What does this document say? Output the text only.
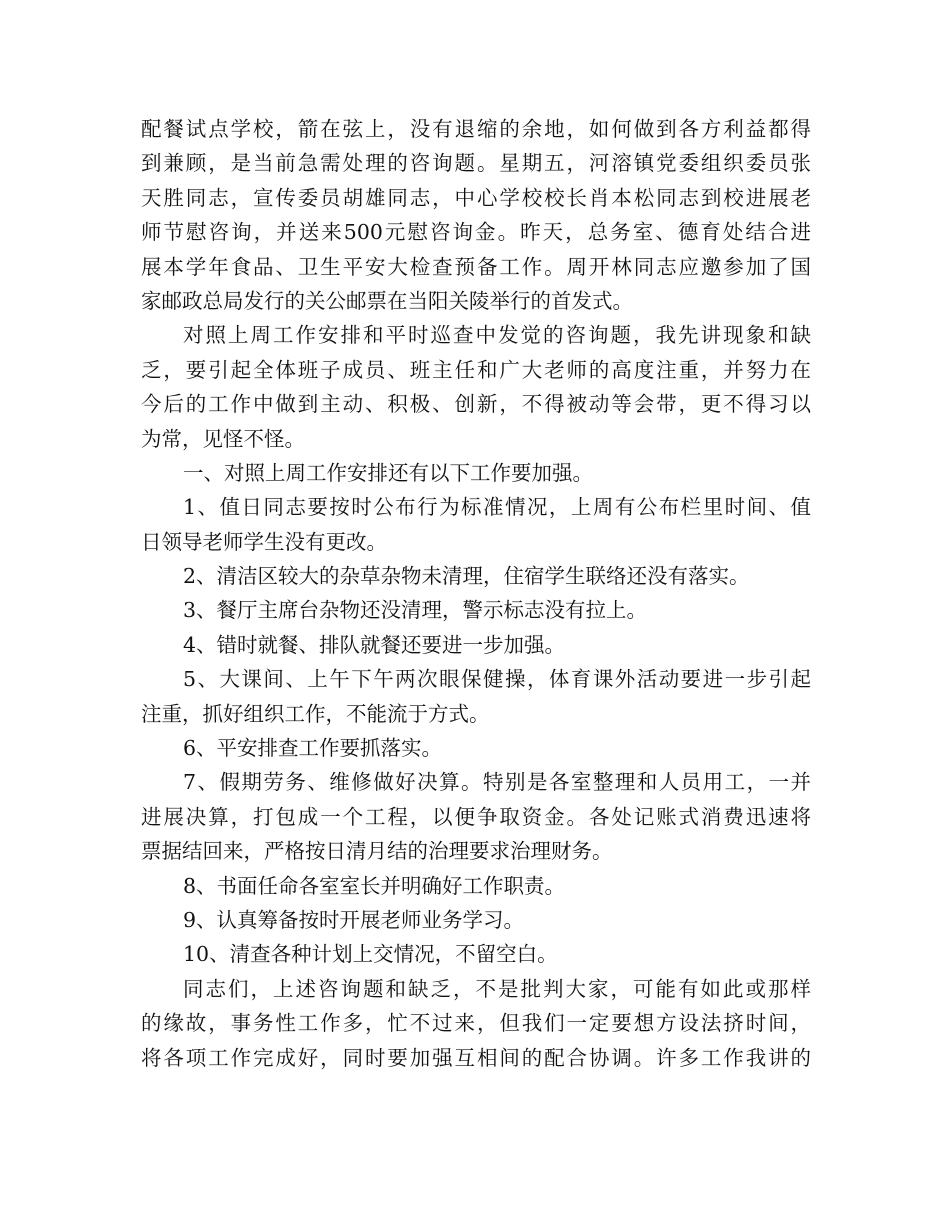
配餐试点学校，箭在弦上，没有退缩的余地，如何做到各方利益都得
到兼顾，是当前急需处理的咨询题。星期五，河溶镇党委组织委员张
天胜同志，宣传委员胡雄同志，中心学校校长肖本松同志到校进展老
师节慰咨询，并送来500元慰咨询金。昨天，总务室、德育处结合进
展本学年食品、卫生平安大检查预备工作。周开林同志应邀参加了国
家邮政总局发行的关公邮票在当阳关陵举行的首发式。
对照上周工作安排和平时巡查中发觉的咨询题，我先讲现象和缺
乏，要引起全体班子成员、班主任和广大老师的高度注重，并努力在
今后的工作中做到主动、积极、创新，不得被动等会带，更不得习以
为常，见怪不怪。
一、对照上周工作安排还有以下工作要加强。
1、值日同志要按时公布行为标准情况，上周有公布栏里时间、值
日领导老师学生没有更改。
2、清洁区较大的杂草杂物未清理，住宿学生联络还没有落实。
3、餐厅主席台杂物还没清理，警示标志没有拉上。
4、错时就餐、排队就餐还要进一步加强。
5、大课间、上午下午两次眼保健操，体育课外活动要进一步引起
注重，抓好组织工作，不能流于方式。
6、平安排查工作要抓落实。
7、假期劳务、维修做好决算。特别是各室整理和人员用工，一并
进展决算，打包成一个工程，以便争取资金。各处记账式消费迅速将
票据结回来，严格按日清月结的治理要求治理财务。
8、书面任命各室室长并明确好工作职责。
9、认真筹备按时开展老师业务学习。
10、清查各种计划上交情况，不留空白。
同志们，上述咨询题和缺乏，不是批判大家，可能有如此或那样
的缘故，事务性工作多，忙不过来，但我们一定要想方设法挤时间，
将各项工作完成好，同时要加强互相间的配合协调。许多工作我讲的
